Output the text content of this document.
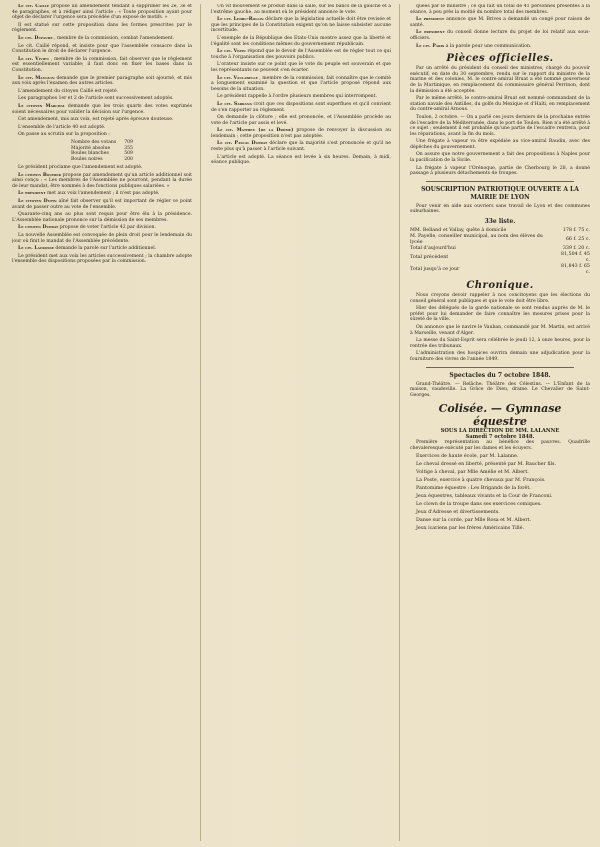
Le cit. Caillé propose un amendement tendant à supprimer les 2e, 3e et 4e paragraphes, et à rédiger ainsi l'article : « Toute proposition ayant pour objet de déclarer l'urgence sera précédée d'un exposé de motifs. »

Il est statué sur cette proposition dans les formes prescrites par le règlement.

Le cit. Dufaure , membre de la commission, combat l'amendement.

Le cit. Caillé répond, et insiste pour que l'assemblée consacre dans la Constitution le droit de déclarer l'urgence.

Le cit. Vivien , membre de la commission, fait observer que le règlement est essentiellement variable; il faut donc en fixer les bases dans la Constitution.

Le cit. Mauguin demande que le premier paragraphe soit ajourné, et mis aux voix après l'examen des autres articles.

L'amendement du citoyen Caillé est rejeté.

Les paragraphes 1er et 2 de l'article sont successivement adoptés.

Le citoyen Marchal demande que les trois quarts des votes exprimés soient nécessaires pour valider la décision sur l'urgence.

Cet amendement, mis aux voix, est rejeté après épreuve douteuse.

L'ensemble de l'article 40 est adopté.

On passe au scrutin sur la proposition :

Nombre des votans	709
Majorité absolue	355
Boules blanches	509
Boules noires	200

Le président proclame que l'amendement est adopté.

Le citoyen Bouhier propose par amendement qu'un article additionnel soit ainsi conçu : « Les membres de l'Assemblée ne pourront, pendant la durée de leur mandat, être nommés à des fonctions publiques salariées. »

Le président met aux voix l'amendement ; il n'est pas adopté.

Le citoyen Dupin aîné fait observer qu'il est important de régler ce point avant de passer outre au vote de l'ensemble.

Quarante-cinq ans au plus sont requis pour être élu à la présidence. L'Assemblée nationale prononce sur la démission de ses membres.

Le citoyen Duprat propose de voter l'article 42 par division.

La nouvelle Assemblée est convoquée de plein droit pour le lendemain du jour où finit le mandat de l'Assemblée précédente.

Le cit. Lacrosse demande la parole sur l'article additionnel.

Le président met aux voix les articles successivement ; la chambre adopte l'ensemble des dispositions proposées par la commission.

Un vif mouvement se produit dans la salle, sur les bancs de la gauche et à l'extrême gauche, au moment où le président annonce le vote.

Le cit. Ledru-Rollin déclare que la législation actuelle doit être revisée et que les principes de la Constitution exigent qu'on ne laisse subsister aucune incertitude.

L'exemple de la République des Etats-Unis montre assez que la liberté et l'égalité sont les conditions mêmes du gouvernement républicain.

Le cit. Vezin répond que le devoir de l'Assemblée est de régler tout ce qui touche à l'organisation des pouvoirs publics.

L'orateur insiste sur ce point que le vote du peuple est souverain et que les représentants ne peuvent s'en écarter.

Le cit. Vaulabelle , membre de la commission, fait connaître que le comité a longuement examiné la question et que l'article proposé répond aux besoins de la situation.

Le président rappelle à l'ordre plusieurs membres qui interrompent.

Le cit. Sarrans croit que ces dispositions sont superflues et qu'il convient de s'en rapporter au règlement.

On demande la clôture ; elle est prononcée, et l'Assemblée procède au vote de l'article par assis et levé.

Le cit. Mathieu (de la Drôme) propose de renvoyer la discussion au lendemain ; cette proposition n'est pas adoptée.

Le cit. Pascal Duprat déclare que la majorité s'est prononcée et qu'il ne reste plus qu'à passer à l'article suivant.

L'article est adopté. La séance est levée à six heures. Demain, à midi, séance publique.

quées par le ministre ; ce qui fait un total de 41 personnes présentes à la séance, à peu près la moitié du nombre total des membres.

Le président annonce que M. Brives a demandé un congé pour raison de santé.

Le président du conseil donne lecture du projet de loi relatif aux sous-officiers.

Le cit. Paris a la parole pour une communication.

Pièces officielles.

Par un arrêté du président du conseil des ministres, chargé du pouvoir exécutif, en date du 30 septembre, rendu sur le rapport du ministre de la marine et des colonies, M. le contre-amiral Bruat a été nommé gouverneur de la Martinique, en remplacement du commissaire général Perrinon, dont la démission a été acceptée.

Par le même arrêté, le contre-amiral Bruat est nommé commandant de la station navale des Antilles, du golfe du Mexique et d'Haïti, en remplacement du contre-amiral Arnous.

Toulon, 2 octobre. — On a parlé ces jours derniers de la prochaine entrée de l'escadre de la Méditerranée, dans le port de Toulon. Rien n'a été arrêté à ce sujet ; seulement il est probable qu'une partie de l'escadre rentrera, pour les réparations, avant la fin du mois.

Une frégate à vapeur va être expédiée au vice-amiral Baudin, avec des dépêches du gouvernement.

On assure que notre gouvernement a fait des propositions à Naples pour la pacification de la Sicile.

La frégate à vapeur l'Orénoque, partie de Cherbourg le 28, a donné passage à plusieurs détachements de troupes.

SOUSCRIPTION PATRIOTIQUE OUVERTE A LA MAIRIE DE LYON

Pour venir en aide aux ouvriers sans travail de Lyon et des communes suburbaines.

33e liste.
MM. Belland et Vallay, quête à domicile	178 f. 75 c.
M. Payelle, conseiller municipal, au nom des élèves du lycée	66 f. 25 c.
Total d'aujourd'hui	339 f. 20 c.
Total précédent	81,504 f. 45 c.
Total jusqu'à ce jour	81,843 f. 65 c.
Chronique.

Nous croyons devoir rappeler à nos concitoyens que les élections du conseil général sont publiques et que le vote doit être libre.

Hier des délégués de la garde nationale se sont rendus auprès de M. le préfet pour lui demander de faire connaître les mesures prises pour la sûreté de la ville.

On annonce que le navire le Vauban, commandé par M. Martin, est arrivé à Marseille, venant d'Alger.

La messe du Saint-Esprit sera célébrée le jeudi 12, à onze heures, pour la rentrée des tribunaux.

L'administration des hospices ouvrira demain une adjudication pour la fourniture des vivres de l'année 1849.

Spectacles du 7 octobre 1848.

Grand-Théâtre. — Relâche. Théâtre des Célestins. — L'Enfant de la maison, vaudeville. La Grâce de Dieu, drame. Le Chevalier de Saint-Georges.

Colisée. — Gymnase équestre
SOUS LA DIRECTION DE MM. LALANNE
Samedi 7 octobre 1848.

Première représentation au bénéfice des pauvres. Quadrille chevaleresque exécuté par les dames et les écuyers.

Exercices de haute école, par M. Lalanne.

Le cheval dressé en liberté, présenté par M. Baucher fils.

Voltige à cheval, par Mlle Amélie et M. Albert.

La Poste, exercice à quatre chevaux par M. François.

Pantomime équestre : Les Brigands de la forêt.

Jeux équestres, tableaux vivants et la Cour de Franconi.

Le clown de la troupe dans ses exercices comiques.

Jeux d'Adresse et divertissements.

Danse sur la corde, par Mlle Rosa et M. Albert.

Jeux icariens par les frères Américains Tillé.
